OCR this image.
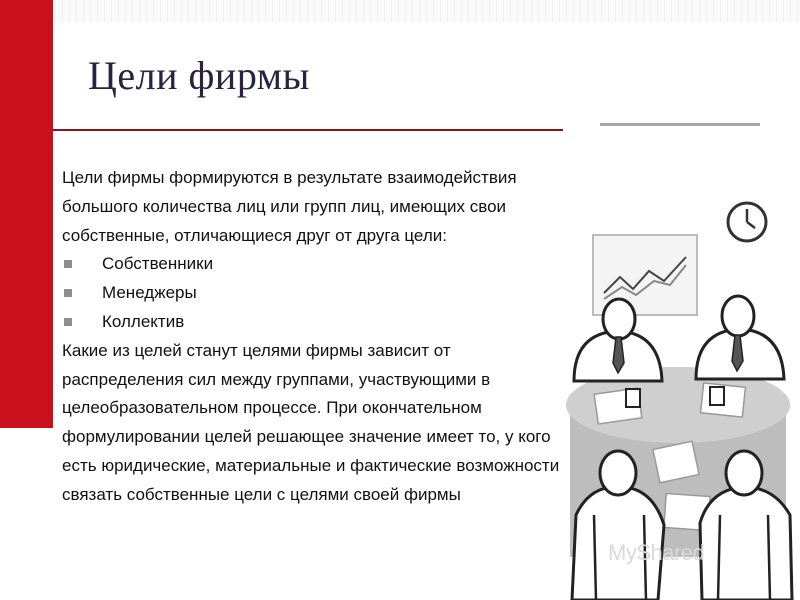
Цели фирмы

Цели фирмы формируются в результате взаимодействия большого количества лиц или групп лиц, имеющих свои собственные, отличающиеся друг от друга цели:

Собственники
Менеджеры
Коллектив

Какие из целей станут целями фирмы зависит от распределения сил между группами, участвующими в целеобразовательном процессе. При окончательном формулировании целей решающее значение имеет то, у кого есть юридические, материальные и фактические возможности связать собственные цели с целями своей фирмы

MyShared
